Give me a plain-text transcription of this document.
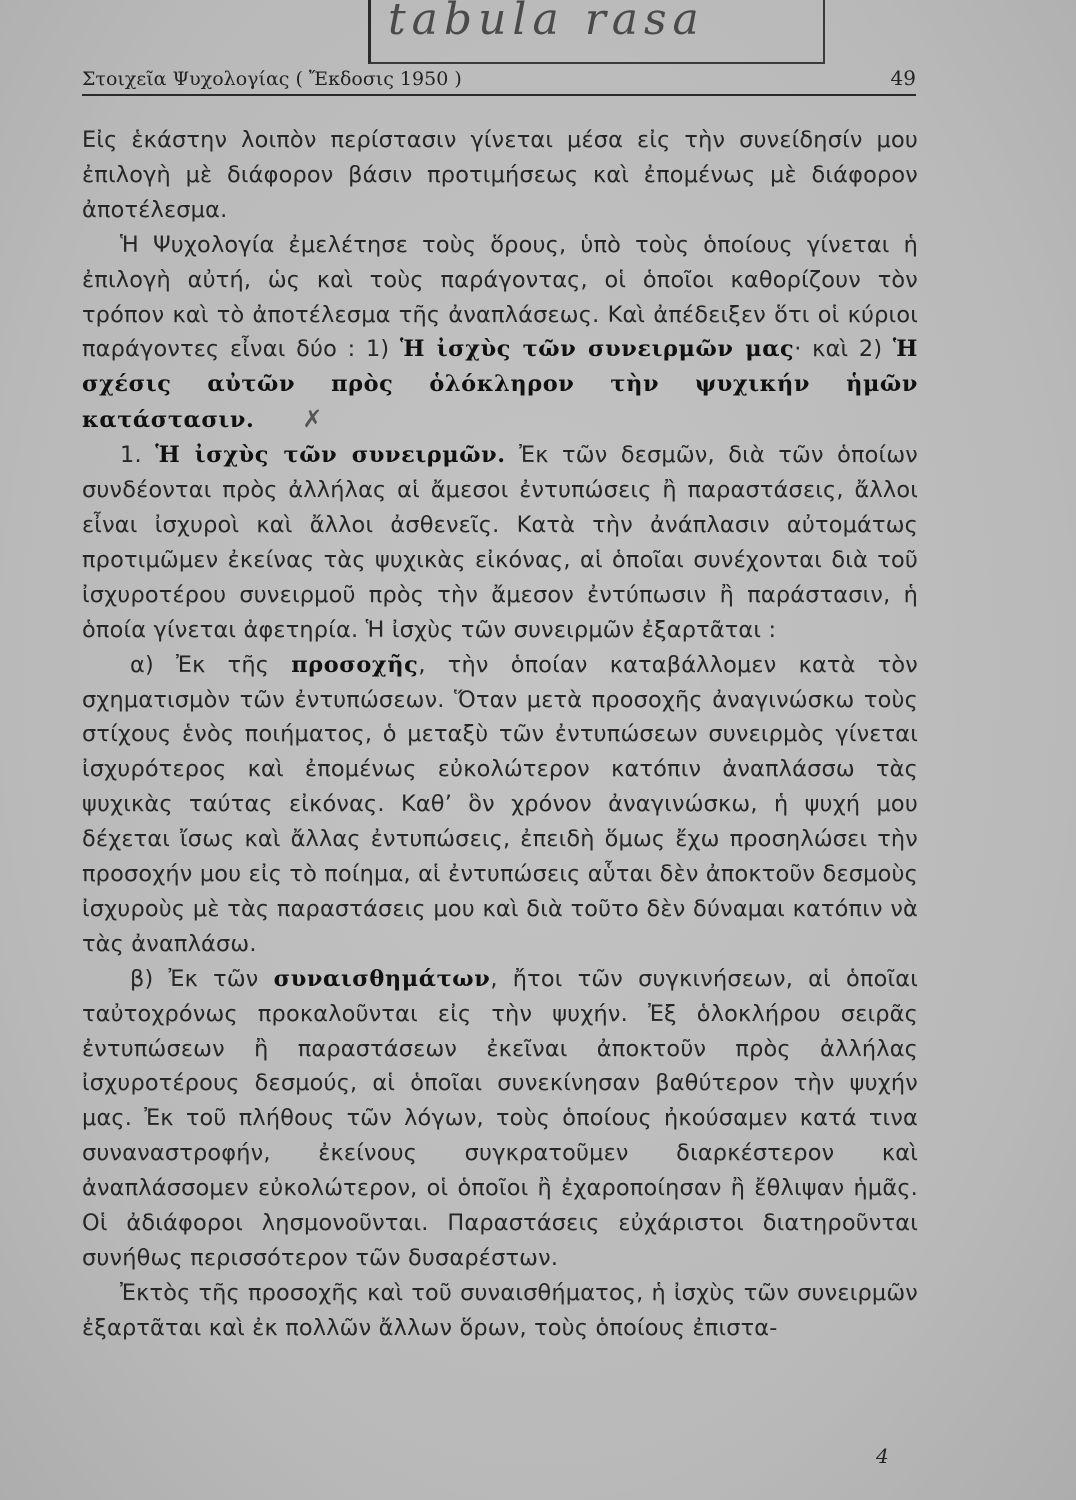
tabula rasa
Στοιχεῖα Ψυχολογίας ( Ἔκδοσις 1950 )	49

Εἰς ἑκάστην λοιπὸν περίστασιν γίνεται μέσα εἰς τὴν συνείδησίν μου ἐπιλογὴ μὲ διάφορον βάσιν προτιμήσεως καὶ ἐπομένως μὲ διάφορον ἀποτέλεσμα.

Ἡ Ψυχολογία ἐμελέτησε τοὺς ὅρους, ὑπὸ τοὺς ὁποίους γίνεται ἡ ἐπιλογὴ αὐτή, ὡς καὶ τοὺς παράγοντας, οἱ ὁποῖοι καθορίζουν τὸν τρόπον καὶ τὸ ἀποτέλεσμα τῆς ἀναπλάσεως. Καὶ ἀπέδειξεν ὅτι οἱ κύριοι παράγοντες εἶναι δύο : 1) Ἡ ἰσχὺς τῶν συνειρμῶν μας· καὶ 2) Ἡ σχέσις αὐτῶν πρὸς ὁλόκληρον τὴν ψυχικήν ἡμῶν κατάστασιν. ✗

1. Ἡ ἰσχὺς τῶν συνειρμῶν. Ἐκ τῶν δεσμῶν, διὰ τῶν ὁποίων συνδέονται πρὸς ἀλλήλας αἱ ἄμεσοι ἐντυπώσεις ἢ παραστάσεις, ἄλλοι εἶναι ἰσχυροὶ καὶ ἄλλοι ἀσθενεῖς. Κατὰ τὴν ἀνάπλασιν αὐτομάτως προτιμῶμεν ἐκείνας τὰς ψυχικὰς εἰκόνας, αἱ ὁποῖαι συνέχονται διὰ τοῦ ἰσχυροτέρου συνειρμοῦ πρὸς τὴν ἄμεσον ἐντύπωσιν ἢ παράστασιν, ἡ ὁποία γίνεται ἀφετηρία. Ἡ ἰσχὺς τῶν συνειρμῶν ἐξαρτᾶται :

α) Ἐκ τῆς προσοχῆς, τὴν ὁποίαν καταβάλλομεν κατὰ τὸν σχηματισμὸν τῶν ἐντυπώσεων. Ὅταν μετὰ προσοχῆς ἀναγινώσκω τοὺς στίχους ἑνὸς ποιήματος, ὁ μεταξὺ τῶν ἐντυπώσεων συνειρμὸς γίνεται ἰσχυρότερος καὶ ἐπομένως εὐκολώτερον κατόπιν ἀναπλάσσω τὰς ψυχικὰς ταύτας εἰκόνας. Καθ’ ὃν χρόνον ἀναγινώσκω, ἡ ψυχή μου δέχεται ἴσως καὶ ἄλλας ἐντυπώσεις, ἐπειδὴ ὅμως ἔχω προσηλώσει τὴν προσοχήν μου εἰς τὸ ποίημα, αἱ ἐντυπώσεις αὗται δὲν ἀποκτοῦν δεσμοὺς ἰσχυροὺς μὲ τὰς παραστάσεις μου καὶ διὰ τοῦτο δὲν δύναμαι κατόπιν νὰ τὰς ἀναπλάσω.

β) Ἐκ τῶν συναισθημάτων, ἤτοι τῶν συγκινήσεων, αἱ ὁποῖαι ταὐτοχρόνως προκαλοῦνται εἰς τὴν ψυχήν. Ἐξ ὁλοκλήρου σειρᾶς ἐντυπώσεων ἢ παραστάσεων ἐκεῖναι ἀποκτοῦν πρὸς ἀλλήλας ἰσχυροτέρους δεσμούς, αἱ ὁποῖαι συνεκίνησαν βαθύτερον τὴν ψυχήν μας. Ἐκ τοῦ πλήθους τῶν λόγων, τοὺς ὁποίους ἠκούσαμεν κατά τινα συναναστροφήν, ἐκείνους συγκρατοῦμεν διαρκέστερον καὶ ἀναπλάσσομεν εὐκολώτερον, οἱ ὁποῖοι ἢ ἐχαροποίησαν ἢ ἔθλιψαν ἡμᾶς. Οἱ ἀδιάφοροι λησμονοῦνται. Παραστάσεις εὐχάριστοι διατηροῦνται συνήθως περισσότερον τῶν δυσαρέστων.

Ἐκτὸς τῆς προσοχῆς καὶ τοῦ συναισθήματος, ἡ ἰσχὺς τῶν συνειρμῶν ἐξαρτᾶται καὶ ἐκ πολλῶν ἄλλων ὅρων, τοὺς ὁποίους ἐπιστα-

4
